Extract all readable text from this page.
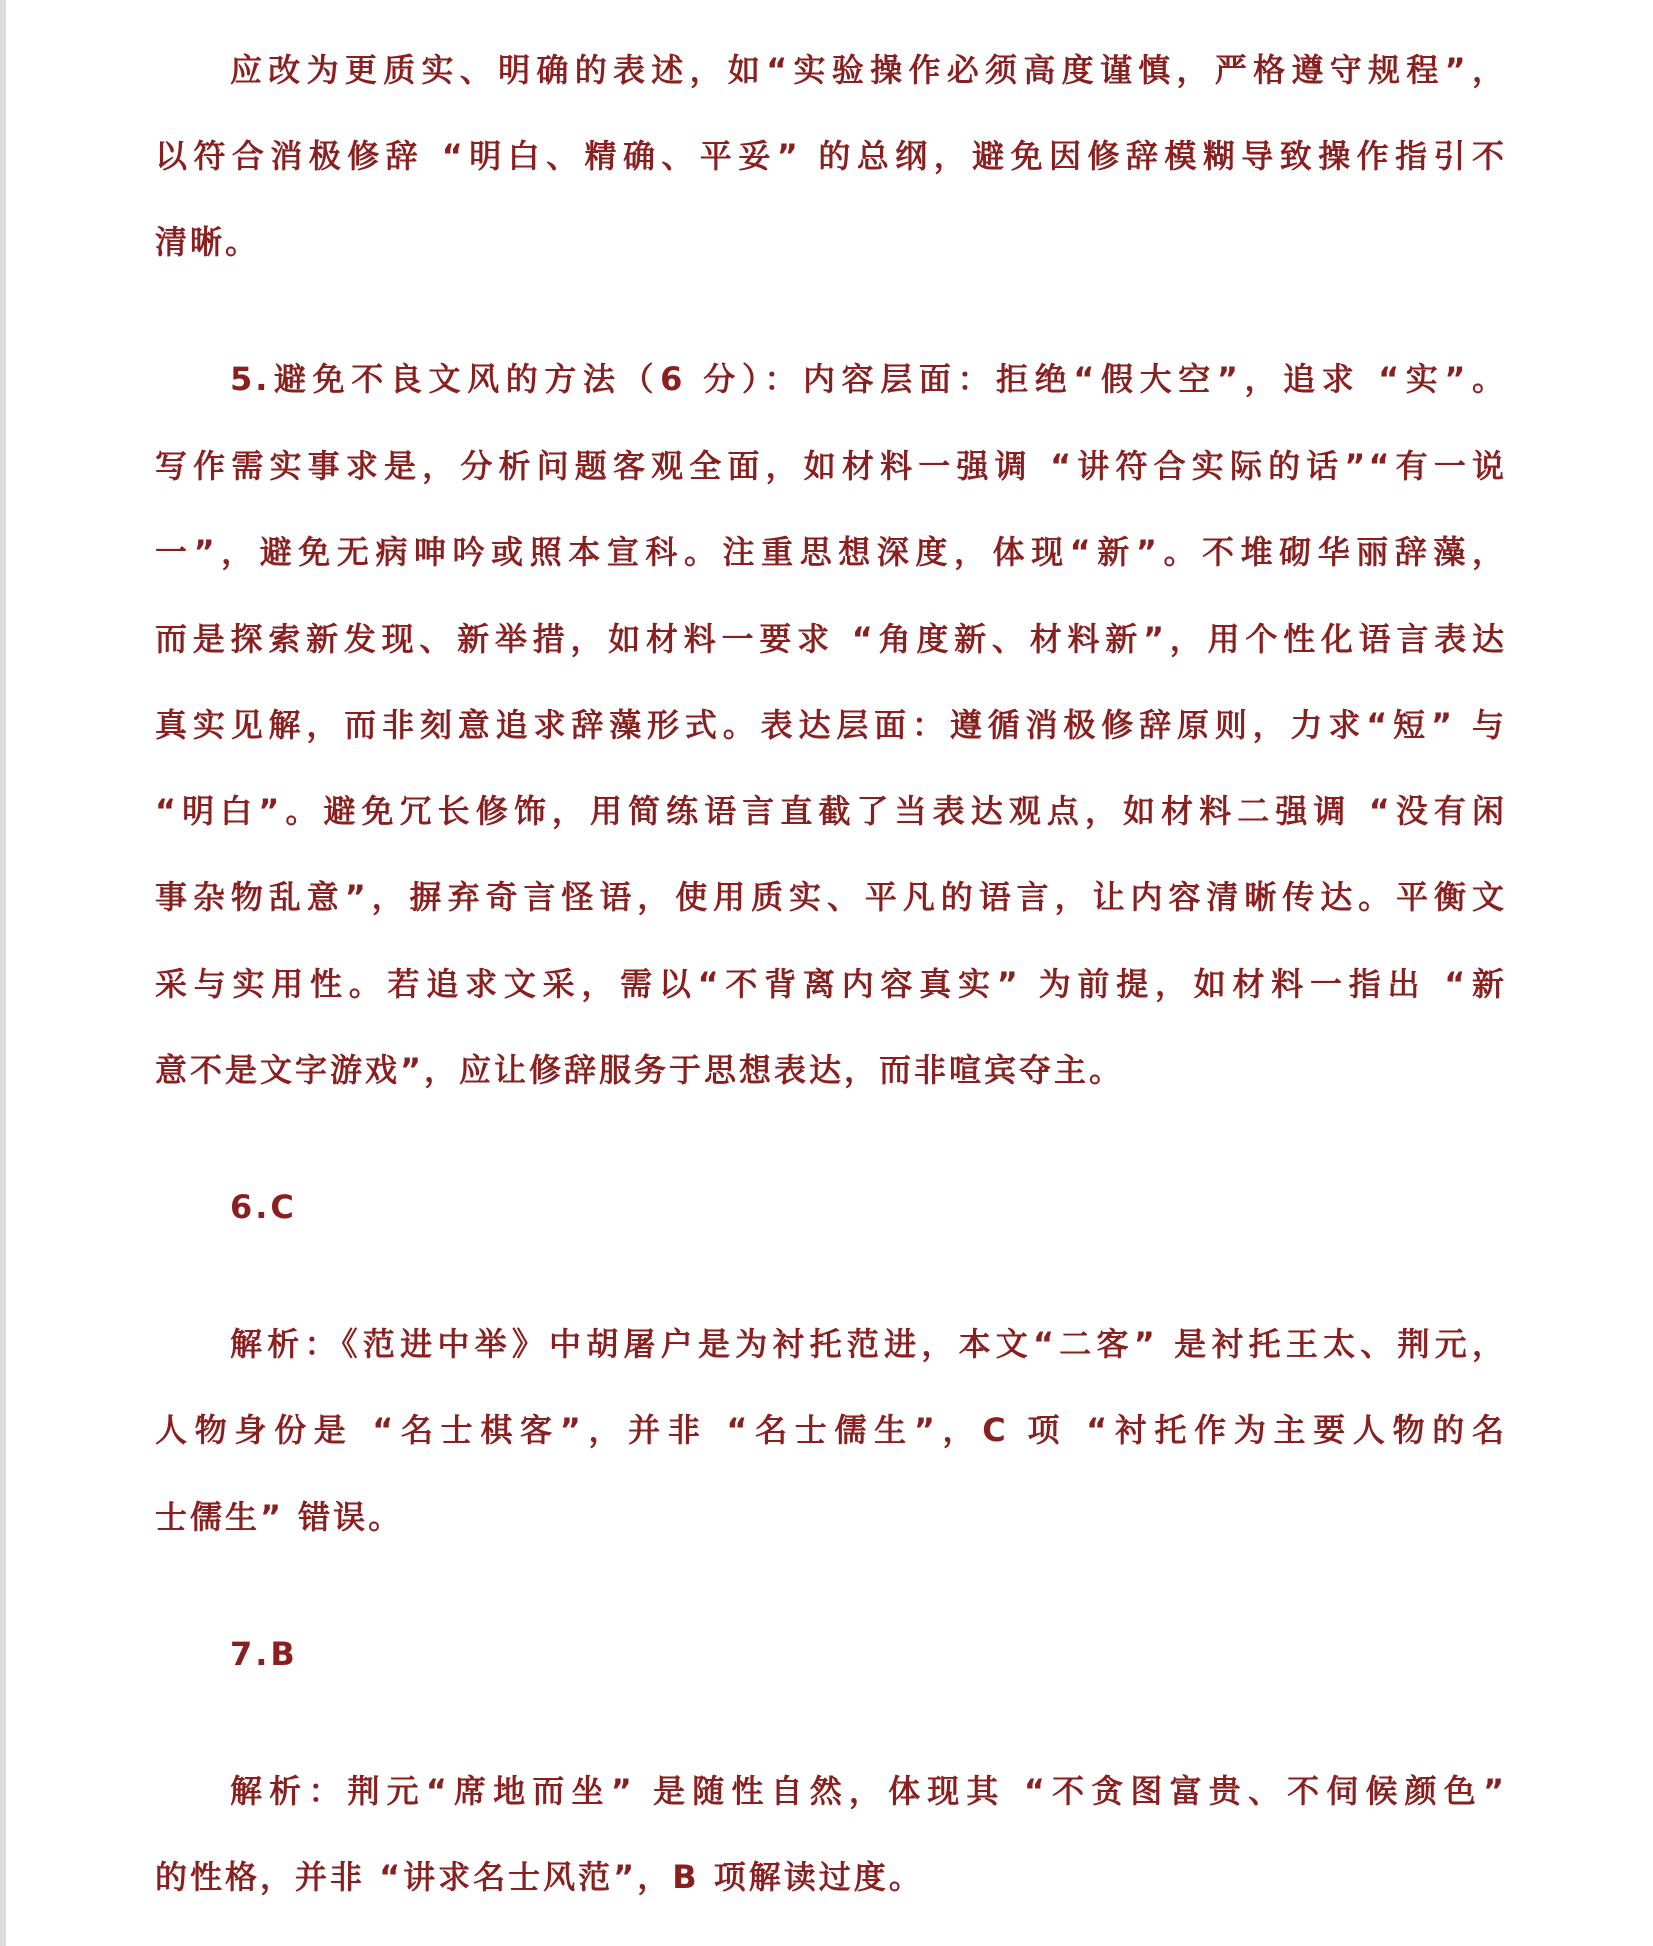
应改为更质实、明确的表述，如“实验操作必须高度谨慎，严格遵守规程”，
以符合消极修辞 “明白、精确、平妥” 的总纲，避免因修辞模糊导致操作指引不
清晰。
5.避免不良文风的方法（6 分）：内容层面：拒绝“假大空”，追求 “实”。
写作需实事求是，分析问题客观全面，如材料一强调 “讲符合实际的话”“有一说
一”，避免无病呻吟或照本宣科。注重思想深度，体现“新”。不堆砌华丽辞藻，
而是探索新发现、新举措，如材料一要求 “角度新、材料新”，用个性化语言表达
真实见解，而非刻意追求辞藻形式。表达层面：遵循消极修辞原则，力求“短” 与
“明白”。避免冗长修饰，用简练语言直截了当表达观点，如材料二强调 “没有闲
事杂物乱意”，摒弃奇言怪语，使用质实、平凡的语言，让内容清晰传达。平衡文
采与实用性。若追求文采，需以“不背离内容真实” 为前提，如材料一指出 “新
意不是文字游戏”，应让修辞服务于思想表达，而非喧宾夺主。
6.C
解析：《范进中举》中胡屠户是为衬托范进，本文“二客” 是衬托王太、荆元，
人物身份是 “名士棋客”，并非 “名士儒生”，C 项 “衬托作为主要人物的名
士儒生” 错误。
7.B
解析：荆元“席地而坐” 是随性自然，体现其 “不贪图富贵、不伺候颜色”
的性格，并非 “讲求名士风范”，B 项解读过度。
